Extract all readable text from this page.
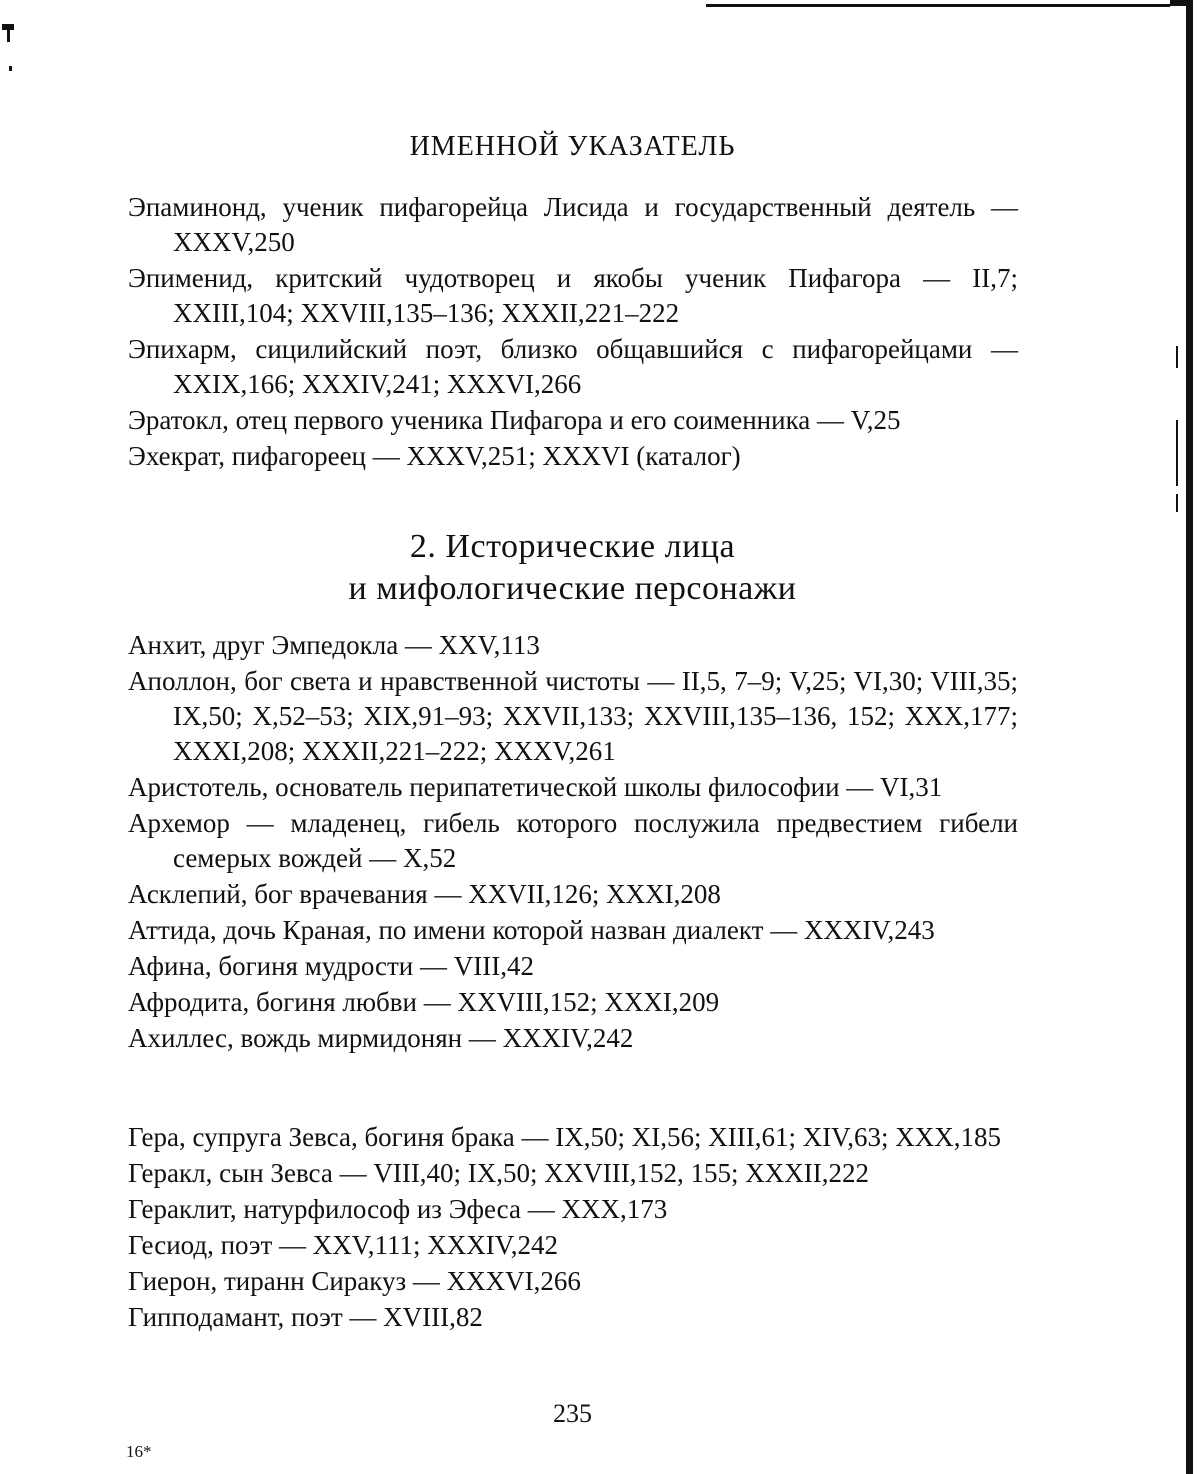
ИМЕННОЙ УКАЗАТЕЛЬ
Эпаминонд, ученик пифагорейца Лисида и государственный деятель — XXXV,250
Эпименид, критский чудотворец и якобы ученик Пифагора — II,7; XXIII,104; XXVIII,135–136; XXXII,221–222
Эпихарм, сицилийский поэт, близко общавшийся с пифагорейцами — XXIX,166; XXXIV,241; XXXVI,266
Эратокл, отец первого ученика Пифагора и его соименника — V,25
Эхекрат, пифагореец — XXXV,251; XXXVI (каталог)
2. Исторические лица
и мифологические персонажи
Анхит, друг Эмпедокла — XXV,113
Аполлон, бог света и нравственной чистоты — II,5, 7–9; V,25; VI,30; VIII,35; IX,50; X,52–53; XIX,91–93; XXVII,133; XXVIII,135–136, 152; XXX,177; XXXI,208; XXXII,221–222; XXXV,261
Аристотель, основатель перипатетической школы философии — VI,31
Архемор — младенец, гибель которого послужила предвестием гибели семерых вождей — X,52
Асклепий, бог врачевания — XXVII,126; XXXI,208
Аттида, дочь Краная, по имени которой назван диалект — XXXIV,243
Афина, богиня мудрости — VIII,42
Афродита, богиня любви — XXVIII,152; XXXI,209
Ахиллес, вождь мирмидонян — XXXIV,242
Гера, супруга Зевса, богиня брака — IX,50; XI,56; XIII,61; XIV,63; XXX,185
Геракл, сын Зевса — VIII,40; IX,50; XXVIII,152, 155; XXXII,222
Гераклит, натурфилософ из Эфеса — XXX,173
Гесиод, поэт — XXV,111; XXXIV,242
Гиерон, тиранн Сиракуз — XXXVI,266
Гипподамант, поэт — XVIII,82
235
16*
